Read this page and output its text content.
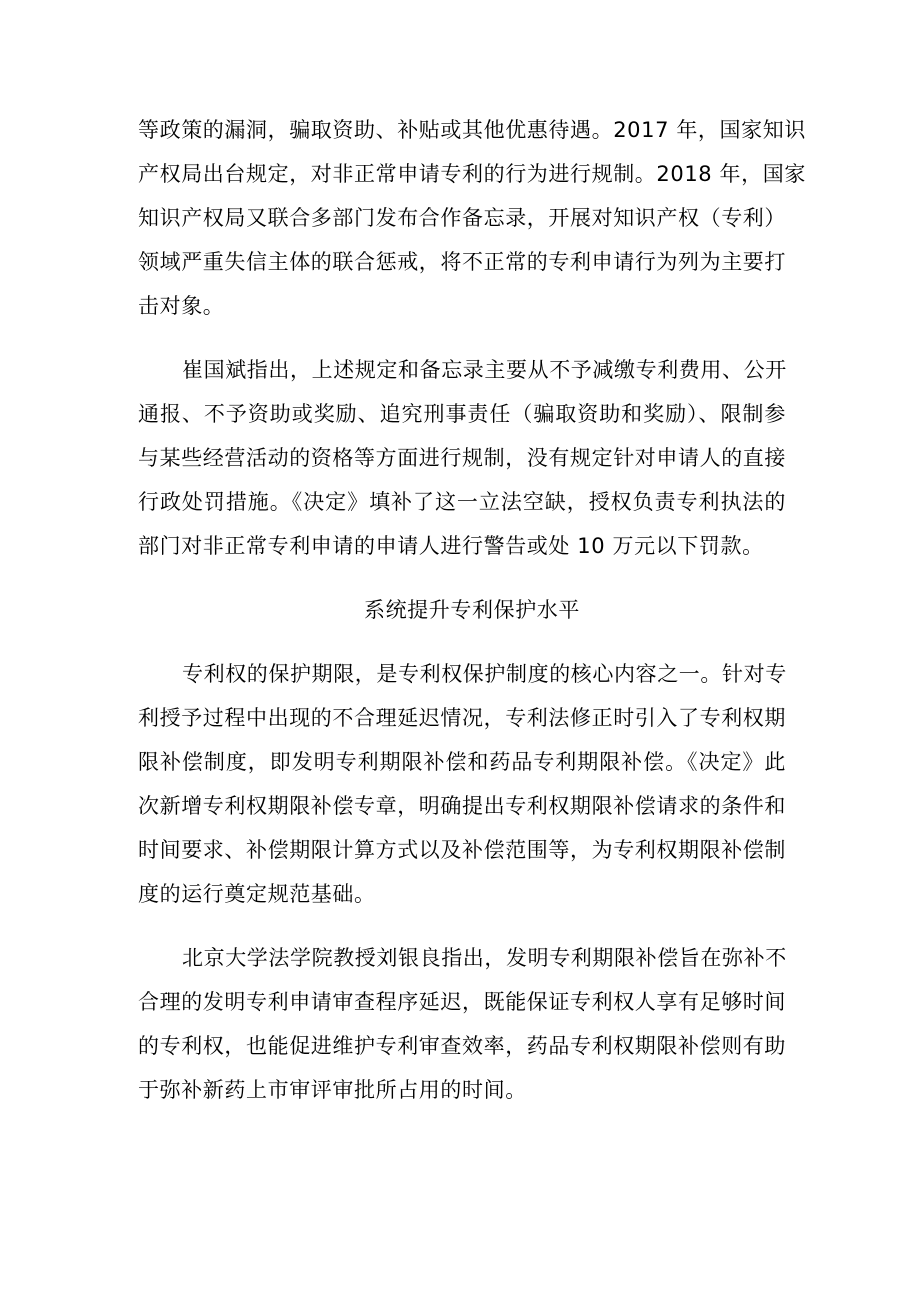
等政策的漏洞，骗取资助、补贴或其他优惠待遇。2017 年，国家知识
产权局出台规定，对非正常申请专利的行为进行规制。2018 年，国家
知识产权局又联合多部门发布合作备忘录，开展对知识产权（专利）
领域严重失信主体的联合惩戒，将不正常的专利申请行为列为主要打
击对象。
崔国斌指出，上述规定和备忘录主要从不予减缴专利费用、公开
通报、不予资助或奖励、追究刑事责任（骗取资助和奖励）、限制参
与某些经营活动的资格等方面进行规制，没有规定针对申请人的直接
行政处罚措施。《决定》填补了这一立法空缺，授权负责专利执法的
部门对非正常专利申请的申请人进行警告或处 10 万元以下罚款。
系统提升专利保护水平
专利权的保护期限，是专利权保护制度的核心内容之一。针对专
利授予过程中出现的不合理延迟情况，专利法修正时引入了专利权期
限补偿制度，即发明专利期限补偿和药品专利期限补偿。《决定》此
次新增专利权期限补偿专章，明确提出专利权期限补偿请求的条件和
时间要求、补偿期限计算方式以及补偿范围等，为专利权期限补偿制
度的运行奠定规范基础。
北京大学法学院教授刘银良指出，发明专利期限补偿旨在弥补不
合理的发明专利申请审查程序延迟，既能保证专利权人享有足够时间
的专利权，也能促进维护专利审查效率，药品专利权期限补偿则有助
于弥补新药上市审评审批所占用的时间。
